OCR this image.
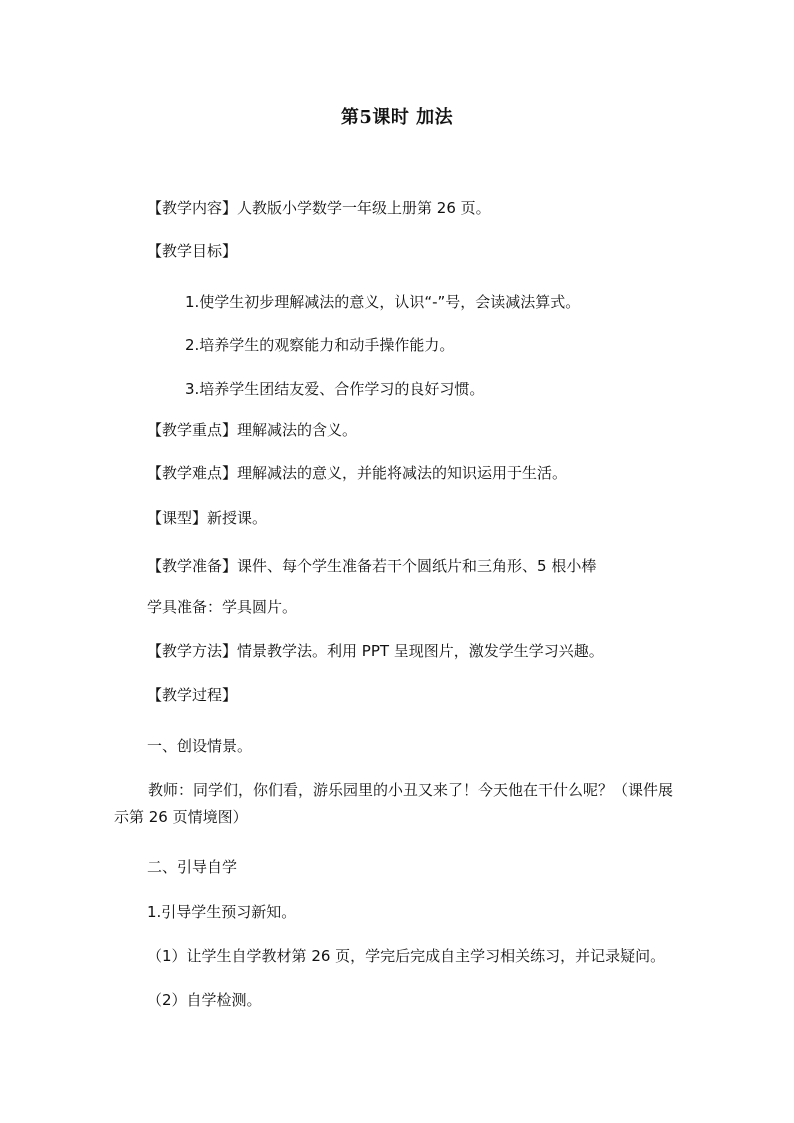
第5课时 加法
【教学内容】人教版小学数学一年级上册第 26 页。
【教学目标】
1.使学生初步理解减法的意义，认识“-”号，会读减法算式。
2.培养学生的观察能力和动手操作能力。
3.培养学生团结友爱、合作学习的良好习惯。
【教学重点】理解减法的含义。
【教学难点】理解减法的意义，并能将减法的知识运用于生活。
【课型】新授课。
【教学准备】课件、每个学生准备若干个圆纸片和三角形、5 根小棒
学具准备：学具圆片。
【教学方法】情景教学法。利用 PPT 呈现图片，激发学生学习兴趣。
【教学过程】
一、创设情景。
教师：同学们，你们看，游乐园里的小丑又来了！今天他在干什么呢？（课件展示第 26 页情境图）
二、引导自学
1.引导学生预习新知。
（1）让学生自学教材第 26 页，学完后完成自主学习相关练习，并记录疑问。
（2）自学检测。
